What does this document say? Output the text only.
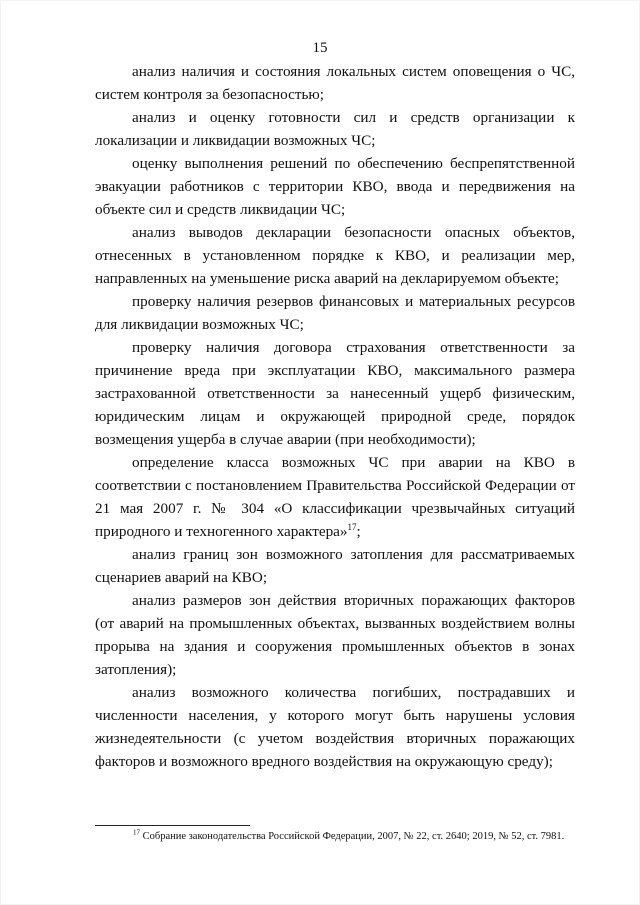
15

анализ наличия и состояния локальных систем оповещения о ЧС, систем контроля за безопасностью;

анализ и оценку готовности сил и средств организации к локализации и ликвидации возможных ЧС;

оценку выполнения решений по обеспечению беспрепятственной эвакуации работников с территории КВО, ввода и передвижения на объекте сил и средств ликвидации ЧС;

анализ выводов декларации безопасности опасных объектов, отнесенных в установленном порядке к КВО, и реализации мер, направленных на уменьшение риска аварий на декларируемом объекте;

проверку наличия резервов финансовых и материальных ресурсов для ликвидации возможных ЧС;

проверку наличия договора страхования ответственности за причинение вреда при эксплуатации КВО, максимального размера застрахованной ответственности за нанесенный ущерб физическим, юридическим лицам и окружающей природной среде, порядок возмещения ущерба в случае аварии (при необходимости);

определение класса возможных ЧС при аварии на КВО в соответствии с постановлением Правительства Российской Федерации от 21 мая 2007 г. № 304 «О классификации чрезвычайных ситуаций природного и техногенного характера»$^{17}$;

анализ границ зон возможного затопления для рассматриваемых сценариев аварий на КВО;

анализ размеров зон действия вторичных поражающих факторов (от аварий на промышленных объектах, вызванных воздействием волны прорыва на здания и сооружения промышленных объектов в зонах затопления);

анализ возможного количества погибших, пострадавших и численности населения, у которого могут быть нарушены условия жизнедеятельности (с учетом воздействия вторичных поражающих факторов и возможного вредного воздействия на окружающую среду);

$^{17}$ Собрание законодательства Российской Федерации, 2007, № 22, ст. 2640; 2019, № 52, ст. 7981.
